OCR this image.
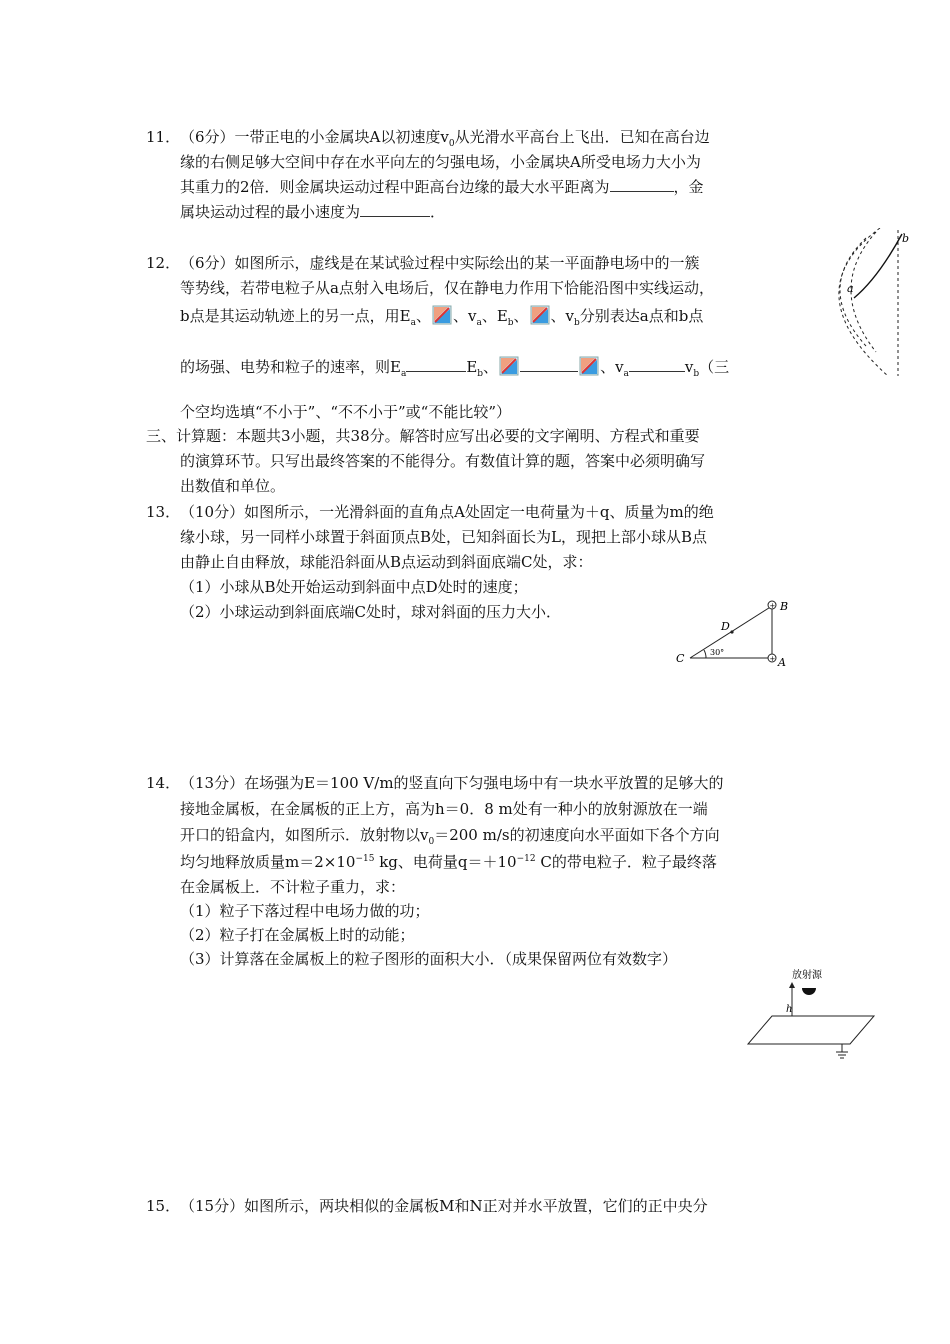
11． （6分）一带正电的小金属块A以初速度$v_0$从光滑水平高台上飞出．已知在高台边
缘的右侧足够大空间中存在水平向左的匀强电场，小金属块A所受电场力大小为
其重力的2倍．则金属块运动过程中距高台边缘的最大水平距离为	，金
属块运动过程的最小速度为	．
12． （6分）如图所示，虚线是在某试验过程中实际绘出的某一平面静电场中的一簇
等势线，若带电粒子从a点射入电场后，仅在静电力作用下恰能沿图中实线运动，
b点是其运动轨迹上的另一点，用$E_a$、 、$v_a$、$E_b$、 、$v_b$分别表达a点和b点
的场强、电势和粒子的速率，则$E_a$	$E_b$、	、$v_a$	$v_b$（三
个空均选填“不小于”、“不不小于”或“不能比较”）
a
b
三、计算题：本题共3小题，共38分。解答时应写出必要的文字阐明、方程式和重要
的演算环节。只写出最终答案的不能得分。有数值计算的题，答案中必须明确写
出数值和单位。
13． （10分）如图所示，一光滑斜面的直角点A处固定一电荷量为＋q、质量为m的绝
缘小球，另一同样小球置于斜面顶点B处，已知斜面长为L，现把上部小球从B点
由静止自由释放，球能沿斜面从B点运动到斜面底端C处，求：
（1）小球从B处开始运动到斜面中点D处时的速度；
（2）小球运动到斜面底端C处时，球对斜面的压力大小．	+
+
B
C
D
A
30°
14． （13分）在场强为E＝100 V/m的竖直向下匀强电场中有一块水平放置的足够大的
接地金属板，在金属板的正上方，高为h＝0．8 m处有一种小的放射源放在一端
开口的铅盒内，如图所示．放射物以$v_0=200$ m/s的初速度向水平面如下各个方向
均匀地释放质量$m=2\times 10^{-15}$ kg、电荷量$q=+10^{-12}$ C的带电粒子．粒子最终落
在金属板上．不计粒子重力，求：
（1）粒子下落过程中电场力做的功；
（2）粒子打在金属板上时的动能；
（3）计算落在金属板上的粒子图形的面积大小．（成果保留两位有效数字）
放射源
h
15． （15分）如图所示，两块相似的金属板M和N正对并水平放置，它们的正中央分
